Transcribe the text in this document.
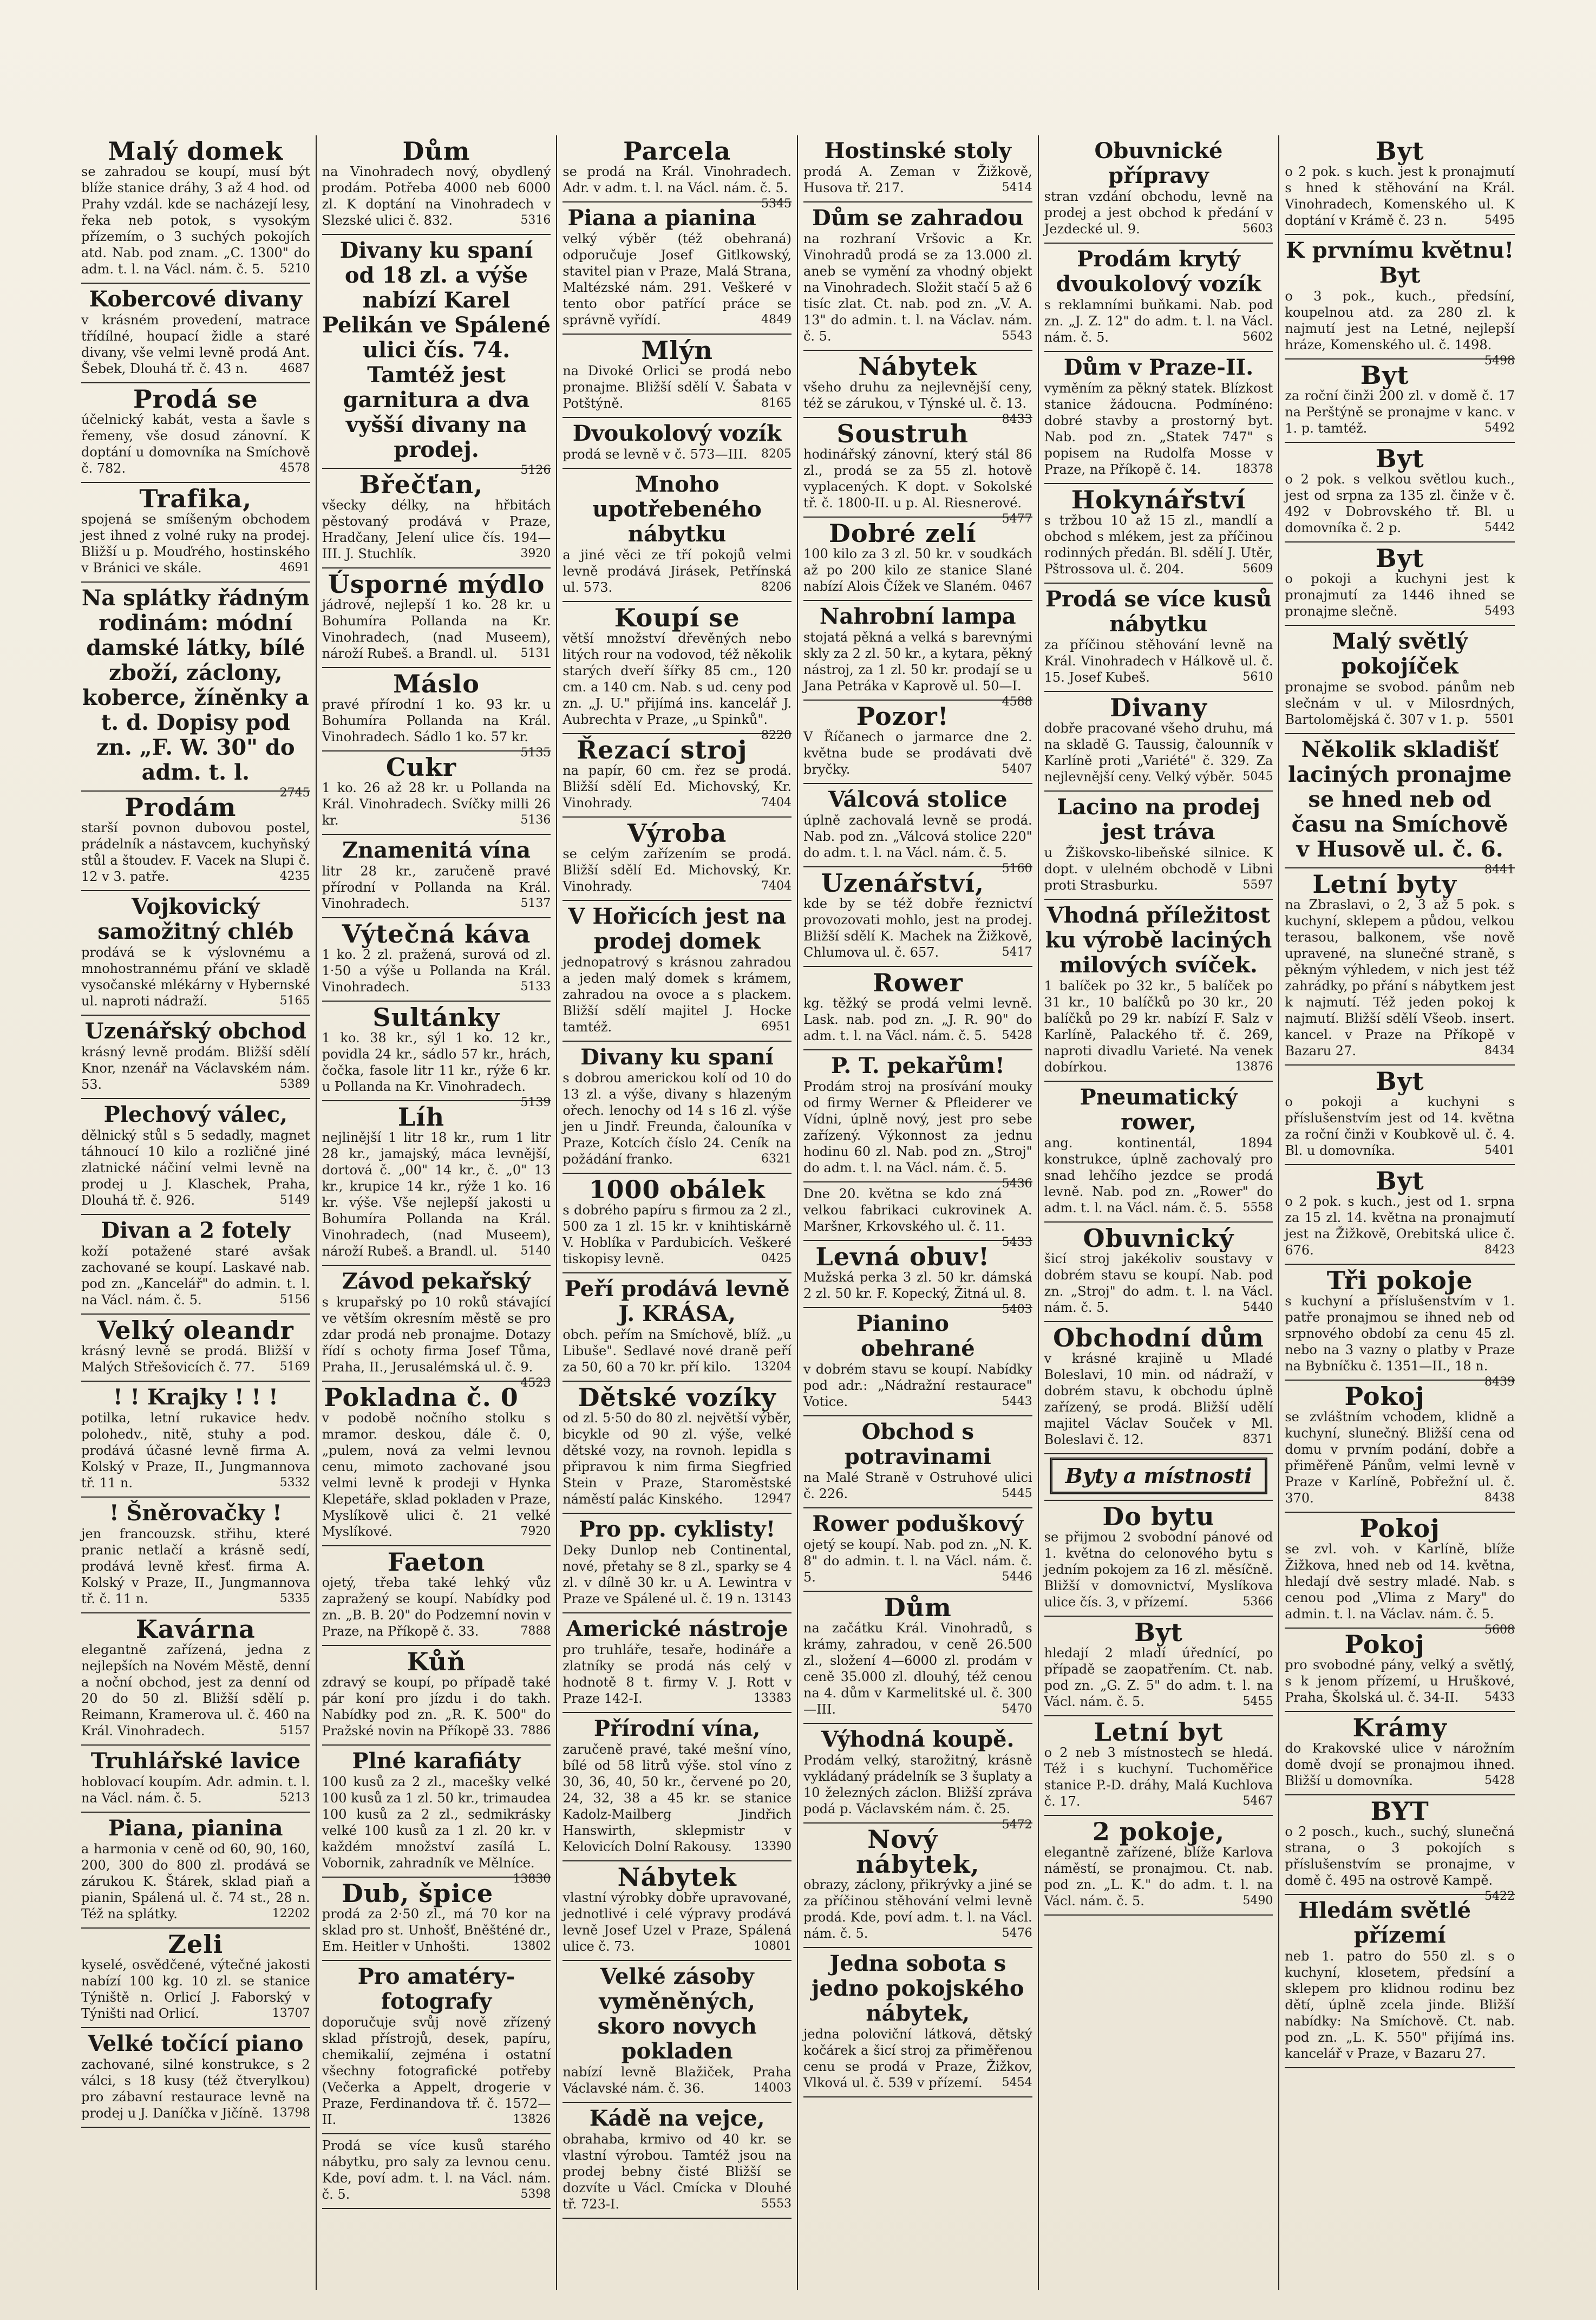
Malý domek
se zahradou se koupí, musí být blíže stanice dráhy, 3 až 4 hod. od Prahy vzdál. kde se nacházejí lesy, řeka neb potok, s vysokým přízemím, o 3 suchých pokojích atd. Nab. pod znam. „C. 1300" do adm. t. l. na Václ. nám. č. 5. 5210
Kobercové divany
v krásném provedení, matrace třídílné, houpací židle a staré divany, vše velmi levně prodá Ant. Šebek, Dlouhá tř. č. 43 n.	4687
Prodá se
účelnický kabát, vesta a šavle s řemeny, vše dosud zánovní. K doptání u domovníka na Smíchově č. 782.	4578
Trafika,
spojená se smíšeným obchodem jest ihned z volné ruky na prodej. Bližší u p. Mouďrého, hostinského v Bránici ve skále.	4691
Na splátky řádným rodinám: módní damské látky, bílé zboží, záclony, koberce, žíněnky a t. d. Dopisy pod zn. „F. W. 30" do adm. t. l.
2745
Prodám
starší povnon dubovou postel, prádelník a nástavcem, kuchyňský stůl a štoudev. F. Vacek na Slupi č. 12 v 3. patře.	4235
Vojkovický samožitný chléb
prodává se k výslovnému a mnohostrannému přání ve skladě vysočanské mlékárny v Hybernské ul. naproti nádraží.	5165
Uzenářský obchod
krásný levně prodám. Bližší sdělí Knor, nzenář na Václavském nám. 53.	5389
Plechový válec,
dělnický stůl s 5 sedadly, magnet táhnoucí 10 kilo a rozličné jiné zlatnické náčiní velmi levně na prodej u J. Klaschek, Praha, Dlouhá tř. č. 926.	5149
Divan a 2 fotely
koží potažené staré avšak zachované se koupí. Laskavé nab. pod zn. „Kancelář" do admin. t. l. na Václ. nám. č. 5.	5156
Velký oleandr
krásný levně se prodá. Bližší v Malých Střešovicích č. 77. 5169
! ! Krajky ! ! !
potilka, letní rukavice hedv. polohedv., nitě, stuhy a pod. prodává účasné levně firma A. Kolský v Praze, II., Jungmannova tř. 11 n.	5332
! Šněrovačky !
jen francouzsk. střihu, které pranic netlačí a krásně sedí, prodává levně křesť. firma A. Kolský v Praze, II., Jungmannova tř. č. 11 n.	5335
Kavárna
elegantně zařízená, jedna z nejlepších na Novém Městě, denní a noční obchod, jest za denní od 20 do 50 zl. Bližší sdělí p. Reimann, Kramerova ul. č. 460 na Král. Vinohradech.	5157
Truhlářské lavice
hoblovací koupím. Adr. admin. t. l. na Václ. nám. č. 5.	5213
Piana, pianina
a harmonia v ceně od 60, 90, 160, 200, 300 do 800 zl. prodává se zárukou K. Štárek, sklad piaň a pianin, Spálená ul. č. 74 st., 28 n. Též na splátky.	12202
Zeli
kyselé, osvědčené, výtečné jakosti nabízí 100 kg. 10 zl. se stanice Týniště n. Orlicí J. Faborský v Týništi nad Orlicí.	13707
Velké točící piano
zachované, silné konstrukce, s 2 válci, s 18 kusy (též čtverylkou) pro zábavní restaurace levně na prodej u J. Daníčka v Jičíně. 13798
Dům
na Vinohradech nový, obydlený prodám. Potřeba 4000 neb 6000 zl. K doptání na Vinohradech v Slezské ulici č. 832.	5316
Divany ku spaní od 18 zl. a výše nabízí Karel Pelikán ve Spálené ulici čís. 74. Tamtéž jest garnitura a dva vyšší divany na prodej.
5126
Břečťan,
všecky délky, na hřbitách pěstovaný prodává v Praze, Hradčany, Jelení ulice čís. 194—III. J. Stuchlík.	3920
Úsporné mýdlo
jádrové, nejlepší 1 ko. 28 kr. u Bohumíra Pollanda na Kr. Vinohradech, (nad Museem), nároží Rubeš. a Brandl. ul. 5131
Máslo
pravé přírodní 1 ko. 93 kr. u Bohumíra Pollanda na Král. Vinohradech. Sádlo 1 ko. 57 kr.
5135
Cukr
1 ko. 26 až 28 kr. u Pollanda na Král. Vinohradech. Svíčky milli 26 kr.	5136
Znamenitá vína
litr 28 kr., zaručeně pravé přírodní v Pollanda na Král. Vinohradech.	5137
Výtečná káva
1 ko. 2 zl. pražená, surová od zl. 1·50 a výše u Pollanda na Král. Vinohradech.	5133
Sultánky
1 ko. 38 kr., sýl 1 ko. 12 kr., povidla 24 kr., sádlo 57 kr., hrách, čočka, fasole litr 11 kr., rýže 6 kr. u Pollanda na Kr. Vinohradech.
5139
Líh
nejlinější 1 litr 18 kr., rum 1 litr 28 kr., jamajský, máca levnější, dortová č. „00" 14 kr., č. „0" 13 kr., krupice 14 kr., rýže 1 ko. 16 kr. výše. Vše nejlepší jakosti u Bohumíra Pollanda na Král. Vinohradech, (nad Museem), nároží Rubeš. a Brandl. ul. 5140
Závod pekařský
s krupařský po 10 roků stávající ve větším okresním městě se pro zdar prodá neb pronajme. Dotazy řídí s ochoty firma Josef Tůma, Praha, II., Jerusalémská ul. č. 9.
4523
Pokladna č. 0
v podobě nočního stolku s mramor. deskou, dále č. 0, „pulem, nová za velmi levnou cenu, mimoto zachované jsou velmi levně k prodeji v Hynka Klepetáře, sklad pokladen v Praze, Myslíkově ulici č. 21 velké Myslíkové.	7920
Faeton
ojetý, třeba také lehký vůz zapražený se koupí. Nabídky pod zn. „B. B. 20" do Podzemní novin v Praze, na Příkopě č. 33.	7888
Kůň
zdravý se koupí, po případě také pár koní pro jízdu i do takh. Nabídky pod zn. „R. K. 500" do Pražské novin na Příkopě 33. 7886
Plné karafiáty
100 kusů za 2 zl., macešky velké 100 kusů za 1 zl. 50 kr., trimaudea 100 kusů za 2 zl., sedmikrásky velké 100 kusů za 1 zl. 20 kr. v každém množství zasílá L. Vobornik, zahradník ve Mělníce.
13830
Dub, špice
prodá za 2·50 zl., má 70 kor na sklad pro st. Unhošť, Bněšténé dr., Em. Heitler v Unhošti.	13802
Pro amatéry-fotografy
doporučuje svůj nově zřízený sklad přístrojů, desek, papíru, chemikalií, zejména i ostatní všechny fotografické potřeby (Večerka a Appelt, drogerie v Praze, Ferdinandova tř. č. 1572—II.	13826
Prodá se více kusů starého nábytku, pro saly za levnou cenu. Kde, poví adm. t. l. na Václ. nám. č. 5.	5398
Parcela
se prodá na Král. Vinohradech. Adr. v adm. t. l. na Václ. nám. č. 5.
5345
Piana a pianina
velký výběr (též obehraná) odporučuje Josef Gitlkowský, stavitel pian v Praze, Malá Strana, Maltézské nám. 291. Veškeré v tento obor patřící práce se správně vyřídí.	4849
Mlýn
na Divoké Orlici se prodá nebo pronajme. Bližší sdělí V. Šabata v Potštýně.	8165
Dvoukolový vozík
prodá se levně v č. 573—III. 8205
Mnoho upotřebeného nábytku
a jiné věci ze tří pokojů velmi levně prodává Jirásek, Petřínská ul. 573.	8206
Koupí se
větší množství dřevěných nebo litých rour na vodovod, též několik starých dveří šířky 85 cm., 120 cm. a 140 cm. Nab. s ud. ceny pod zn. „J. U." přijímá ins. kancelář J. Aubrechta v Praze, „u Spinků".
8220
Řezací stroj
na papír, 60 cm. řez se prodá. Bližší sdělí Ed. Michovský, Kr. Vinohrady.	7404
Výroba
se celým zařízením se prodá. Bližší sdělí Ed. Michovský, Kr. Vinohrady.	7404
V Hořicích jest na prodej domek
jednopatrový s krásnou zahradou a jeden malý domek s krámem, zahradou na ovoce a s plackem. Bližší sdělí majitel J. Hocke tamtéž.	6951
Divany ku spaní
s dobrou americkou kolí od 10 do 13 zl. a výše, divany s hlazeným ořech. lenochy od 14 s 16 zl. výše jen u Jindř. Freunda, čalouníka v Praze, Kotcích číslo 24. Ceník na požádání franko.	6321
1000 obálek
s dobrého papíru s firmou za 2 zl., 500 za 1 zl. 15 kr. v knihtiskárně V. Hoblíka v Pardubicích. Veškeré tiskopisy levně.	0425
Peří prodává levně J. KRÁSA,
obch. peřím na Smíchově, blíž. „u Libuše". Sedlavé nové draně peří za 50, 60 a 70 kr. pří kilo. 13204
Dětské vozíky
od zl. 5·50 do 80 zl. největší výběr, bicykle od 90 zl. výše, velké dětské vozy, na rovnoh. lepidla s připravou k nim firma Siegfried Stein v Praze, Staroměstské náměstí palác Kinského.	12947
Pro pp. cyklisty!
Deky Dunlop neb Continental, nové, přetahy se 8 zl., sparky se 4 zl. v dílně 30 kr. u A. Lewintra v Praze ve Spálené ul. č. 19 n. 13143
Americké nástroje
pro truhláře, tesaře, hodináře a zlatníky se prodá nás celý v hodnotě 8 t. firmy V. J. Rott v Praze 142-I.	13383
Přírodní vína,
zaručeně pravé, také mešní víno, bílé od 58 litrů výše. stol víno z 30, 36, 40, 50 kr., červené po 20, 24, 32, 38 a 45 kr. se stanice Kadolz-Mailberg Jindřich Hanswirth, sklepmistr v Kelovicích Dolní Rakousy. 13390
Nábytek
vlastní výrobky dobře upravované, jednotlivé i celé výpravy prodává levně Josef Uzel v Praze, Spálená ulice č. 73.	10801
Velké zásoby vyměněných, skoro novych pokladen
nabízí levně Blažiček, Praha Václavské nám. č. 36.	14003
Kádě na vejce,
obrahaba, krmivo od 40 kr. se vlastní výrobou. Tamtéž jsou na prodej bebny čisté Bližší se dozvíte u Václ. Cmícka v Dlouhé tř. 723-I.	5553
Hostinské stoly
prodá A. Zeman v Žižkově, Husova tř. 217.	5414
Dům se zahradou
na rozhraní Vršovic a Kr. Vinohradů prodá se za 13.000 zl. aneb se vymění za vhodný objekt na Vinohradech. Složit stačí 5 až 6 tisíc zlat. Ct. nab. pod zn. „V. A. 13" do admin. t. l. na Václav. nám. č. 5.	5543
Nábytek
všeho druhu za nejlevnější ceny, též se zárukou, v Týnské ul. č. 13.
8433
Soustruh
hodinářský zánovní, který stál 86 zl., prodá se za 55 zl. hotově vyplacených. K dopt. v Sokolské tř. č. 1800-II. u p. Al. Riesnerové.
5477
Dobré zelí
100 kilo za 3 zl. 50 kr. v soudkách až po 200 kilo ze stanice Slané nabízí Alois Čížek ve Slaném. 0467
Nahrobní lampa
stojatá pěkná a velká s barevnými skly za 2 zl. 50 kr., a kytara, pěkný nástroj, za 1 zl. 50 kr. prodají se u Jana Petráka v Kaprově ul. 50—I.
4588
Pozor!
V Říčanech o jarmarce dne 2. května bude se prodávati dvě bryčky.	5407
Válcová stolice
úplně zachovalá levně se prodá. Nab. pod zn. „Válcová stolice 220" do adm. t. l. na Václ. nám. č. 5.
5160
Uzenářství,
kde by se též dobře řeznictví provozovati mohlo, jest na prodej. Bližší sdělí K. Machek na Žižkově, Chlumova ul. č. 657.	5417
Rower
kg. těžký se prodá velmi levně. Lask. nab. pod zn. „J. R. 90" do adm. t. l. na Václ. nám. č. 5. 5428
P. T. pekařům!
Prodám stroj na prosívání mouky od firmy Werner & Pfleiderer ve Vídni, úplně nový, jest pro sebe zařízený. Výkonnost za jednu hodinu 60 zl. Nab. pod zn. „Stroj" do adm. t. l. na Václ. nám. č. 5.
5436
Dne 20. května se kdo zná velkou fabrikaci cukrovinek A. Maršner, Krkovského ul. č. 11.
5433
Levná obuv!
Mužská perka 3 zl. 50 kr. dámská 2 zl. 50 kr. F. Kopecký, Žitná ul. 8.
5403
Pianino obehrané
v dobrém stavu se koupí. Nabídky pod adr.: „Nádražní restaurace" Votice.	5443
Obchod s potravinami
na Malé Straně v Ostruhové ulici č. 226.	5445
Rower poduškový
ojetý se koupí. Nab. pod zn. „N. K. 8" do admin. t. l. na Václ. nám. č. 5.	5446
Dům
na začátku Král. Vinohradů, s krámy, zahradou, v ceně 26.500 zl., složení 4—6000 zl. prodám v ceně 35.000 zl. dlouhý, též cenou na 4. dům v Karmelitské ul. č. 300—III.	5470
Výhodná koupě.
Prodám velký, starožitný, krásně vykládaný prádelník se 3 šuplaty a 10 železných záclon. Bližší zpráva podá p. Václavském nám. č. 25.
5472
Nový nábytek,
obrazy, záclony, přikrývky a jiné se za příčinou stěhování velmi levně prodá. Kde, poví adm. t. l. na Václ. nám. č. 5.	5476
Jedna sobota s jedno pokojského nábytek,
jedna poloviční látková, dětský kočárek a šicí stroj za přiměřenou cenu se prodá v Praze, Žižkov, Vlková ul. č. 539 v přízemí. 5454
Obuvnické přípravy
stran vzdání obchodu, levně na prodej a jest obchod k předání v Jezdecké ul. 9.	5603
Prodám krytý dvoukolový vozík
s reklamními buňkami. Nab. pod zn. „J. Z. 12" do adm. t. l. na Václ. nám. č. 5.	5602
Dům v Praze-II.
vyměním za pěkný statek. Blízkost stanice žádoucna. Podmínéno: dobré stavby a prostorný byt. Nab. pod zn. „Statek 747" s popisem na Rudolfa Mosse v Praze, na Příkopě č. 14.	18378
Hokynářství
s tržbou 10 až 15 zl., mandlí a obchod s mlékem, jest za příčinou rodinných předán. Bl. sdělí J. Utěr, Pštrossova ul. č. 204.	5609
Prodá se více kusů nábytku
za příčinou stěhování levně na Král. Vinohradech v Hálkově ul. č. 15. Josef Kubeš.	5610
Divany
dobře pracované všeho druhu, má na skladě G. Taussig, čalounník v Karlíně proti „Variété" č. 329. Za nejlevnější ceny. Velký výběr. 5045
Lacino na prodej jest tráva
u Žiškovsko-libeňské silnice. K dopt. v ulelném obchodě v Libni proti Strasburku.	5597
Vhodná příležitost ku výrobě laciných milových svíček.
1 balíček po 32 kr., 5 balíček po 31 kr., 10 balíčků po 30 kr., 20 balíčků po 29 kr. nabízí F. Salz v Karlíně, Palackého tř. č. 269, naproti divadlu Varieté. Na venek dobírkou.	13876
Pneumatický rower,
ang. kontinentál, 1894 konstrukce, úplně zachovalý pro snad lehčího jezdce se prodá levně. Nab. pod zn. „Rower" do adm. t. l. na Václ. nám. č. 5. 5558
Obuvnický
šicí stroj jakékoliv soustavy v dobrém stavu se koupí. Nab. pod zn. „Stroj" do adm. t. l. na Václ. nám. č. 5.	5440
Obchodní dům
v krásné krajině u Mladé Boleslavi, 10 min. od nádraží, v dobrém stavu, k obchodu úplně zařízený, se prodá. Bližší udělí majitel Václav Souček v Ml. Boleslavi č. 12.	8371
Byty a místnosti
Do bytu
se přijmou 2 svobodní pánové od 1. května do celonového bytu s jedním pokojem za 16 zl. měsíčně. Bližší v domovnictví, Myslíkova ulice čís. 3, v přízemí.	5366
Byt
hledají 2 mladí úřednící, po případě se zaopatřením. Ct. nab. pod zn. „G. Z. 5" do adm. t. l. na Václ. nám. č. 5.	5455
Letní byt
o 2 neb 3 místnostech se hledá. Též i s kuchyní. Tuchoměřice stanice P.-D. dráhy, Malá Kuchlova č. 17.	5467
2 pokoje,
elegantně zařízené, blíže Karlova náměstí, se pronajmou. Ct. nab. pod zn. „L. K." do adm. t. l. na Václ. nám. č. 5.	5490
Byt
o 2 pok. s kuch. jest k pronajmutí s hned k stěhování na Král. Vinohradech, Komenského ul. K doptání v Krámě č. 23 n.	5495
K prvnímu květnu! Byt
o 3 pok., kuch., předsíní, koupelnou atd. za 280 zl. k najmutí jest na Letné, nejlepší hráze, Komenského ul. č. 1498.
5498
Byt
za roční činži 200 zl. v domě č. 17 na Perštýně se pronajme v kanc. v 1. p. tamtéž.	5492
Byt
o 2 pok. s velkou světlou kuch., jest od srpna za 135 zl. činže v č. 492 v Dobrovského tř. Bl. u domovníka č. 2 p.	5442
Byt
o pokoji a kuchyni jest k pronajmutí za 1446 ihned se pronajme slečně.	5493
Malý světlý pokojíček
pronajme se svobod. pánům neb slečnám v ul. v Milosrdných, Bartolomějská č. 307 v 1. p. 5501
Několik skladišť laciných pronajme se hned neb od času na Smíchově v Husově ul. č. 6.
8441
Letní byty
na Zbraslavi, o 2, 3 až 5 pok. s kuchyní, sklepem a půdou, velkou terasou, balkonem, vše nově upravené, na slunečné straně, s pěkným výhledem, v nich jest též zahrádky, po přání s nábytkem jest k najmutí. Též jeden pokoj k najmutí. Bližší sdělí Všeob. insert. kancel. v Praze na Příkopě v Bazaru 27.	8434
Byt
o pokoji a kuchyni s příslušenstvím jest od 14. května za roční činži v Koubkově ul. č. 4. Bl. u domovníka.	5401
Byt
o 2 pok. s kuch., jest od 1. srpna za 15 zl. 14. května na pronajmutí jest na Žižkově, Orebitská ulice č. 676.	8423
Tři pokoje
s kuchyní a příslušenstvím v 1. patře pronajmou se ihned neb od srpnového období za cenu 45 zl. nebo na 3 vazny o platby v Praze na Bybníčku č. 1351—II., 18 n.
8439
Pokoj
se zvláštním vchodem, klidně a kuchyní, slunečný. Bližší cena od domu v prvním podání, dobře a přiměřeně Pánům, velmi levně v Praze v Karlíně, Pobřežní ul. č. 370.	8438
Pokoj
se zvl. voh. v Karlíně, blíže Žižkova, hned neb od 14. května, hledají dvě sestry mladé. Nab. s cenou pod „Vlima z Mary" do admin. t. l. na Václav. nám. č. 5.
5608
Pokoj
pro svobodné pány, velký a světlý, s k jenom přízemí, u Hruškové, Praha, Školská ul. č. 34-II. 5433
Krámy
do Krakovské ulice v nárožním domě dvojí se pronajmou ihned. Bližší u domovníka.	5428
BYT
o 2 posch., kuch., suchý, slunečná strana, o 3 pokojích s příslušenstvím se pronajme, v domě č. 495 na ostrově Kampě.
5422
Hledám světlé přízemí
neb 1. patro do 550 zl. s o kuchyní, klosetem, předsíní a sklepem pro klidnou rodinu bez dětí, úplně zcela jinde. Bližší nabídky: Na Smíchově. Ct. nab. pod zn. „L. K. 550" přijímá ins. kancelář v Praze, v Bazaru 27.
